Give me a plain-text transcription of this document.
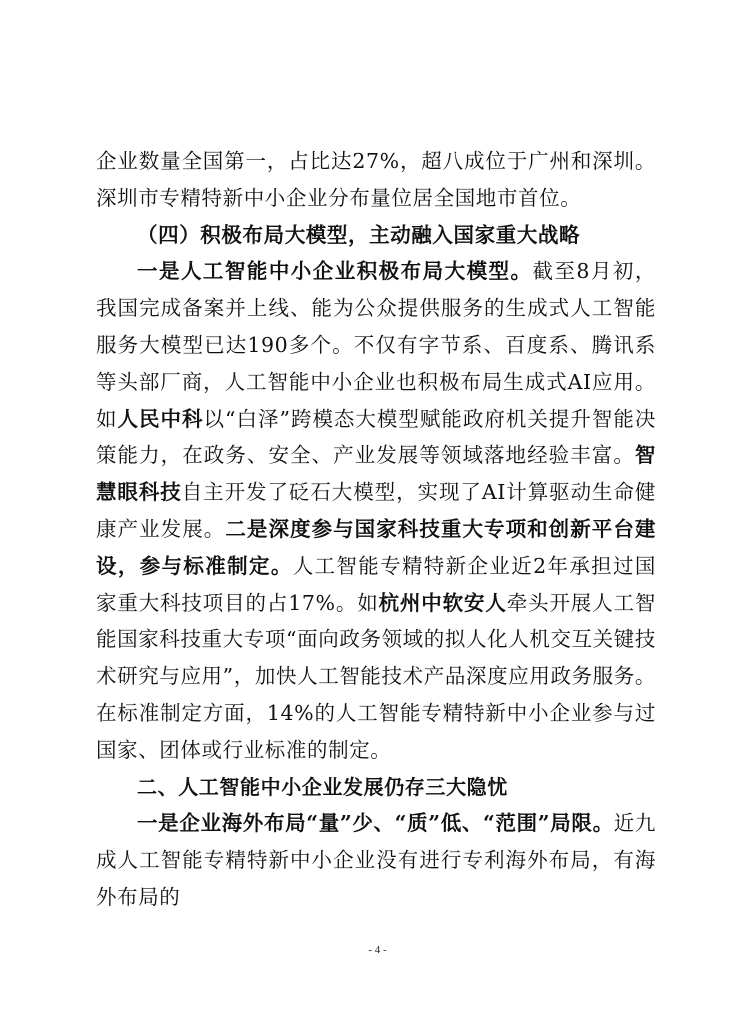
企业数量全国第一，占比达27%，超八成位于广州和深圳。深圳市专精特新中小企业分布量位居全国地市首位。

（四）积极布局大模型，主动融入国家重大战略

一是人工智能中小企业积极布局大模型。截至8月初，我国完成备案并上线、能为公众提供服务的生成式人工智能服务大模型已达190多个。不仅有字节系、百度系、腾讯系等头部厂商，人工智能中小企业也积极布局生成式AI应用。如人民中科以“白泽”跨模态大模型赋能政府机关提升智能决策能力，在政务、安全、产业发展等领域落地经验丰富。智慧眼科技自主开发了砭石大模型，实现了AI计算驱动生命健康产业发展。二是深度参与国家科技重大专项和创新平台建设，参与标准制定。人工智能专精特新企业近2年承担过国家重大科技项目的占17%。如杭州中软安人牵头开展人工智能国家科技重大专项“面向政务领域的拟人化人机交互关键技术研究与应用”，加快人工智能技术产品深度应用政务服务。在标准制定方面，14%的人工智能专精特新中小企业参与过国家、团体或行业标准的制定。

二、人工智能中小企业发展仍存三大隐忧

一是企业海外布局“量”少、“质”低、“范围”局限。近九成人工智能专精特新中小企业没有进行专利海外布局，有海外布局的

- 4 -
